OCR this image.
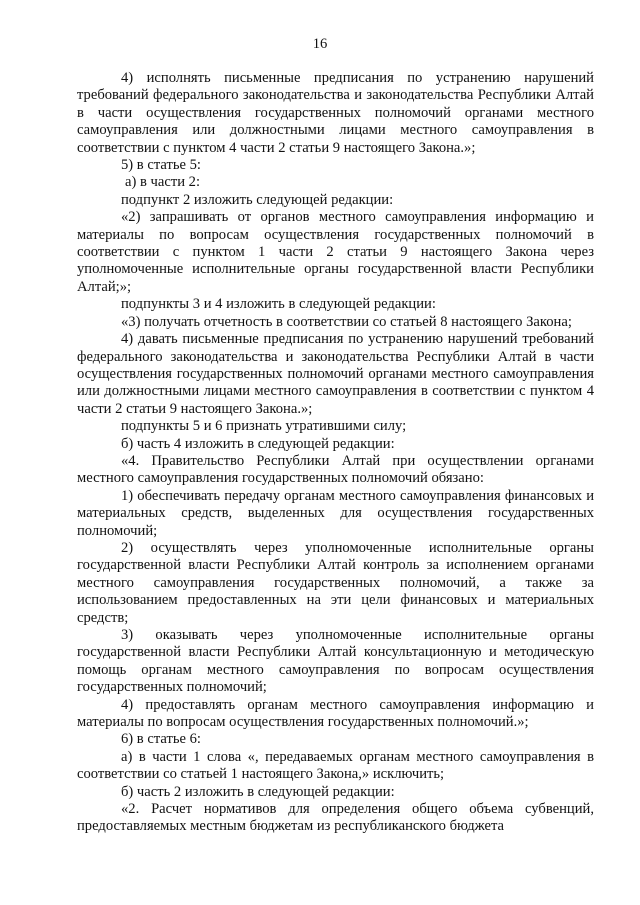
16

4) исполнять письменные предписания по устранению нарушений требований федерального законодательства и законодательства Республики Алтай в части осуществления государственных полномочий органами местного самоуправления или должностными лицами местного самоуправления в соответствии с пунктом 4 части 2 статьи 9 настоящего Закона.»;

5) в статье 5:

а) в части 2:

подпункт 2 изложить следующей редакции:

«2) запрашивать от органов местного самоуправления информацию и материалы по вопросам осуществления государственных полномочий в соответствии с пунктом 1 части 2 статьи 9 настоящего Закона через уполномоченные исполнительные органы государственной власти Республики Алтай;»;

подпункты 3 и 4 изложить в следующей редакции:

«3) получать отчетность в соответствии со статьей 8 настоящего Закона;

4) давать письменные предписания по устранению нарушений требований федерального законодательства и законодательства Республики Алтай в части осуществления государственных полномочий органами местного самоуправления или должностными лицами местного самоуправления в соответствии с пунктом 4 части 2 статьи 9 настоящего Закона.»;

подпункты 5 и 6 признать утратившими силу;

б) часть 4 изложить в следующей редакции:

«4. Правительство Республики Алтай при осуществлении органами местного самоуправления государственных полномочий обязано:

1) обеспечивать передачу органам местного самоуправления финансовых и материальных средств, выделенных для осуществления государственных полномочий;

2) осуществлять через уполномоченные исполнительные органы государственной власти Республики Алтай контроль за исполнением органами местного самоуправления государственных полномочий, а также за использованием предоставленных на эти цели финансовых и материальных средств;

3) оказывать через уполномоченные исполнительные органы государственной власти Республики Алтай консультационную и методическую помощь органам местного самоуправления по вопросам осуществления государственных полномочий;

4) предоставлять органам местного самоуправления информацию и материалы по вопросам осуществления государственных полномочий.»;

6) в статье 6:

а) в части 1 слова «, передаваемых органам местного самоуправления в соответствии со статьей 1 настоящего Закона,» исключить;

б) часть 2 изложить в следующей редакции:

«2. Расчет нормативов для определения общего объема субвенций, предоставляемых местным бюджетам из республиканского бюджета
